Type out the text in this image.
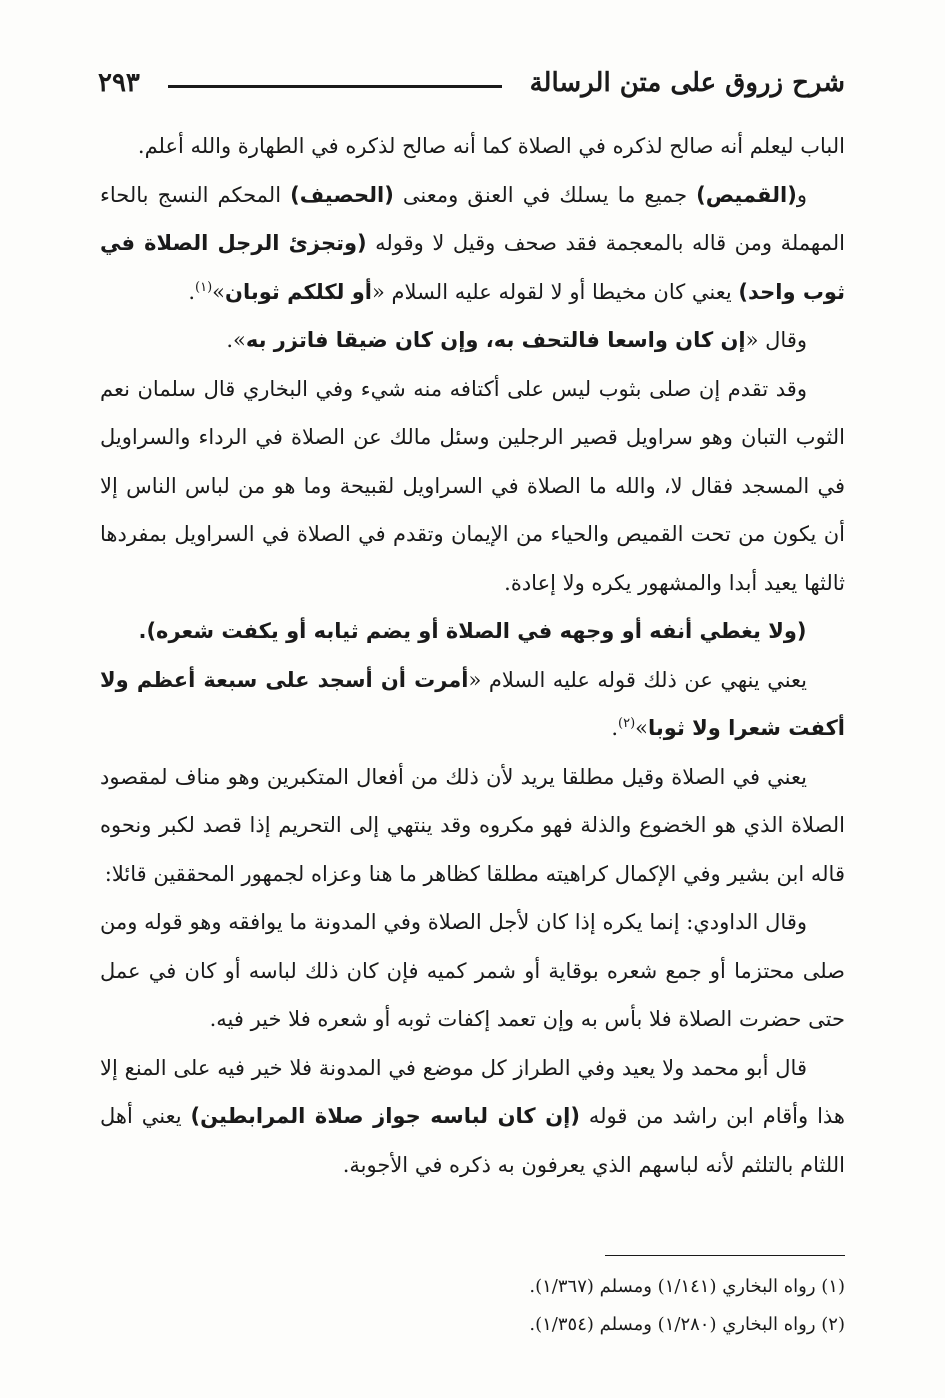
شرح زروق على متن الرسالة
٢٩٣

الباب ليعلم أنه صالح لذكره في الصلاة كما أنه صالح لذكره في الطهارة والله أعلم.

و(القميص) جميع ما يسلك في العنق ومعنى (الحصيف) المحكم النسج بالحاء المهملة ومن قاله بالمعجمة فقد صحف وقيل لا وقوله (وتجزئ الرجل الصلاة في ثوب واحد) يعني كان مخيطا أو لا لقوله عليه السلام «أو لكلكم ثوبان»$^{(١)}$.

وقال «إن كان واسعا فالتحف به، وإن كان ضيقا فاتزر به».

وقد تقدم إن صلى بثوب ليس على أكتافه منه شيء وفي البخاري قال سلمان نعم الثوب التبان وهو سراويل قصير الرجلين وسئل مالك عن الصلاة في الرداء والسراويل في المسجد فقال لا، والله ما الصلاة في السراويل لقبيحة وما هو من لباس الناس إلا أن يكون من تحت القميص والحياء من الإيمان وتقدم في الصلاة في السراويل بمفردها ثالثها يعيد أبدا والمشهور يكره ولا إعادة.

(ولا يغطي أنفه أو وجهه في الصلاة أو يضم ثيابه أو يكفت شعره).

يعني ينهي عن ذلك قوله عليه السلام «أمرت أن أسجد على سبعة أعظم ولا أكفت شعرا ولا ثوبا»$^{(٢)}$.

يعني في الصلاة وقيل مطلقا يريد لأن ذلك من أفعال المتكبرين وهو مناف لمقصود الصلاة الذي هو الخضوع والذلة فهو مكروه وقد ينتهي إلى التحريم إذا قصد لكبر ونحوه قاله ابن بشير وفي الإكمال كراهيته مطلقا كظاهر ما هنا وعزاه لجمهور المحققين قائلا:

وقال الداودي: إنما يكره إذا كان لأجل الصلاة وفي المدونة ما يوافقه وهو قوله ومن صلى محتزما أو جمع شعره بوقاية أو شمر كميه فإن كان ذلك لباسه أو كان في عمل حتى حضرت الصلاة فلا بأس به وإن تعمد إكفات ثوبه أو شعره فلا خير فيه.

قال أبو محمد ولا يعيد وفي الطراز كل موضع في المدونة فلا خير فيه على المنع إلا هذا وأقام ابن راشد من قوله (إن كان لباسه جواز صلاة المرابطين) يعني أهل اللثام بالتلثم لأنه لباسهم الذي يعرفون به ذكره في الأجوبة.

(١) رواه البخاري (١/١٤١) ومسلم (١/٣٦٧).

(٢) رواه البخاري (١/٢٨٠) ومسلم (١/٣٥٤).
